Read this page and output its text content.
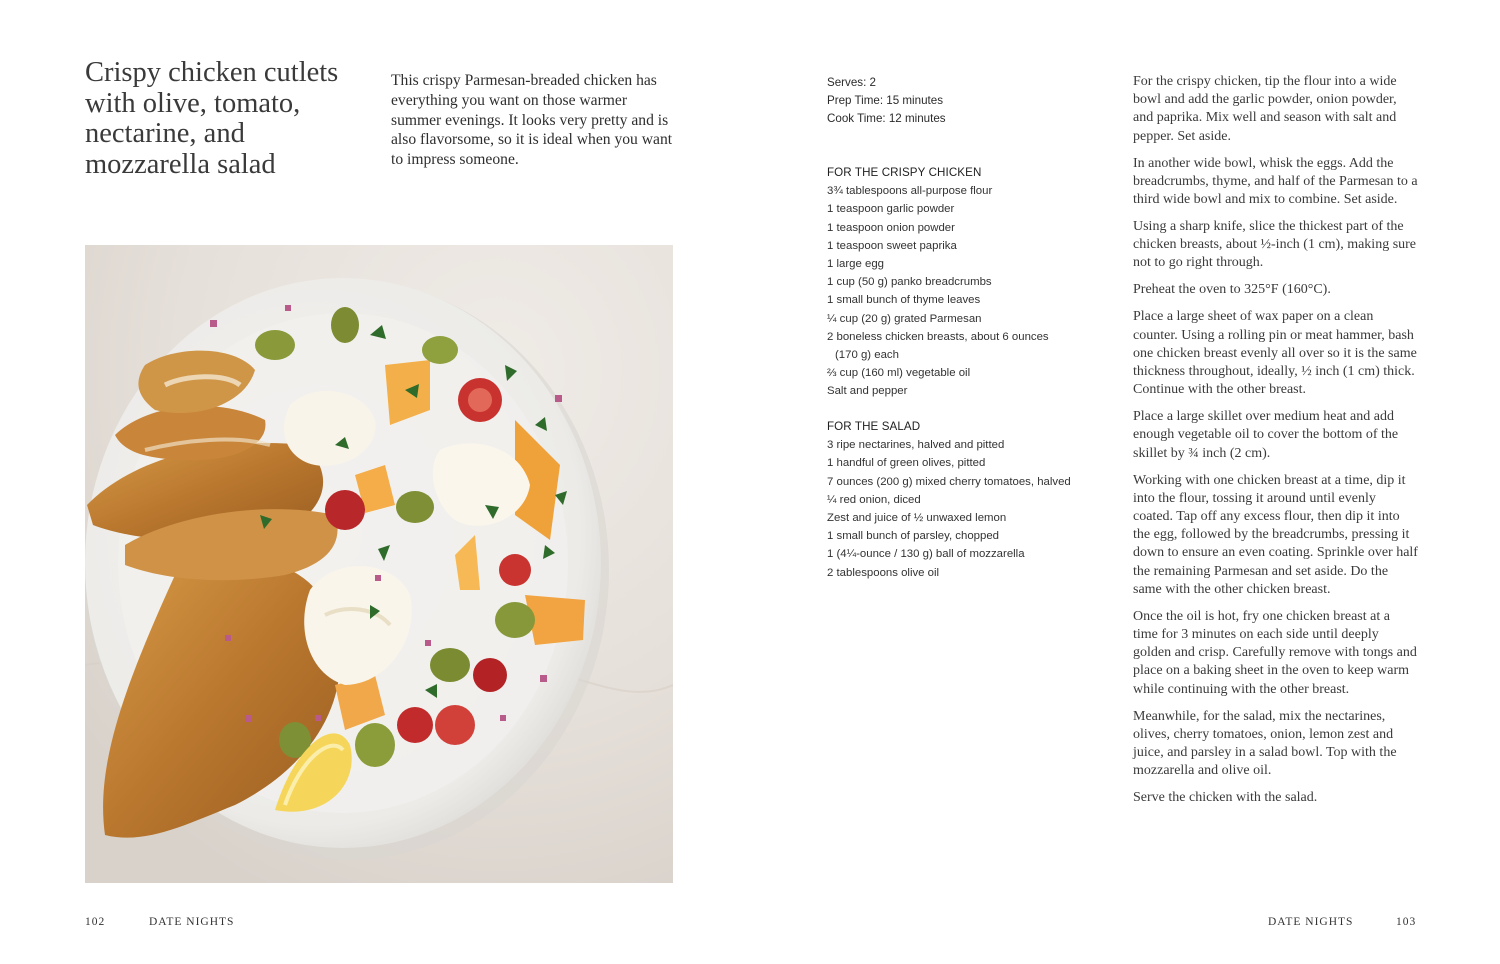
Crispy chicken cutlets with olive, tomato, nectarine, and mozzarella salad

This crispy Parmesan-breaded chicken has everything you want on those warmer summer evenings. It looks very pretty and is also flavorsome, so it is ideal when you want to impress someone.

102	DATE NIGHTS
Serves: 2
Prep Time: 15 minutes
Cook Time: 12 minutes
FOR THE CRISPY CHICKEN
3¾ tablespoons all-purpose flour
1 teaspoon garlic powder
1 teaspoon onion powder
1 teaspoon sweet paprika
1 large egg
1 cup (50 g) panko breadcrumbs
1 small bunch of thyme leaves
¼ cup (20 g) grated Parmesan
2 boneless chicken breasts, about 6 ounces
(170 g) each
⅔ cup (160 ml) vegetable oil
Salt and pepper
FOR THE SALAD
3 ripe nectarines, halved and pitted
1 handful of green olives, pitted
7 ounces (200 g) mixed cherry tomatoes, halved
¼ red onion, diced
Zest and juice of ½ unwaxed lemon
1 small bunch of parsley, chopped
1 (4¼-ounce / 130 g) ball of mozzarella
2 tablespoons olive oil

For the crispy chicken, tip the flour into a wide bowl and add the garlic powder, onion powder, and paprika. Mix well and season with salt and pepper. Set aside.

In another wide bowl, whisk the eggs. Add the breadcrumbs, thyme, and half of the Parmesan to a third wide bowl and mix to combine. Set aside.

Using a sharp knife, slice the thickest part of the chicken breasts, about ½-inch (1 cm), making sure not to go right through.

Preheat the oven to 325°F (160°C).

Place a large sheet of wax paper on a clean counter. Using a rolling pin or meat hammer, bash one chicken breast evenly all over so it is the same thickness throughout, ideally, ½ inch (1 cm) thick. Continue with the other breast.

Place a large skillet over medium heat and add enough vegetable oil to cover the bottom of the skillet by ¾ inch (2 cm).

Working with one chicken breast at a time, dip it into the flour, tossing it around until evenly coated. Tap off any excess flour, then dip it into the egg, followed by the breadcrumbs, pressing it down to ensure an even coating. Sprinkle over half the remaining Parmesan and set aside. Do the same with the other chicken breast.

Once the oil is hot, fry one chicken breast at a time for 3 minutes on each side until deeply golden and crisp. Carefully remove with tongs and place on a baking sheet in the oven to keep warm while continuing with the other breast.

Meanwhile, for the salad, mix the nectarines, olives, cherry tomatoes, onion, lemon zest and juice, and parsley in a salad bowl. Top with the mozzarella and olive oil.

Serve the chicken with the salad.

DATE NIGHTS	103
